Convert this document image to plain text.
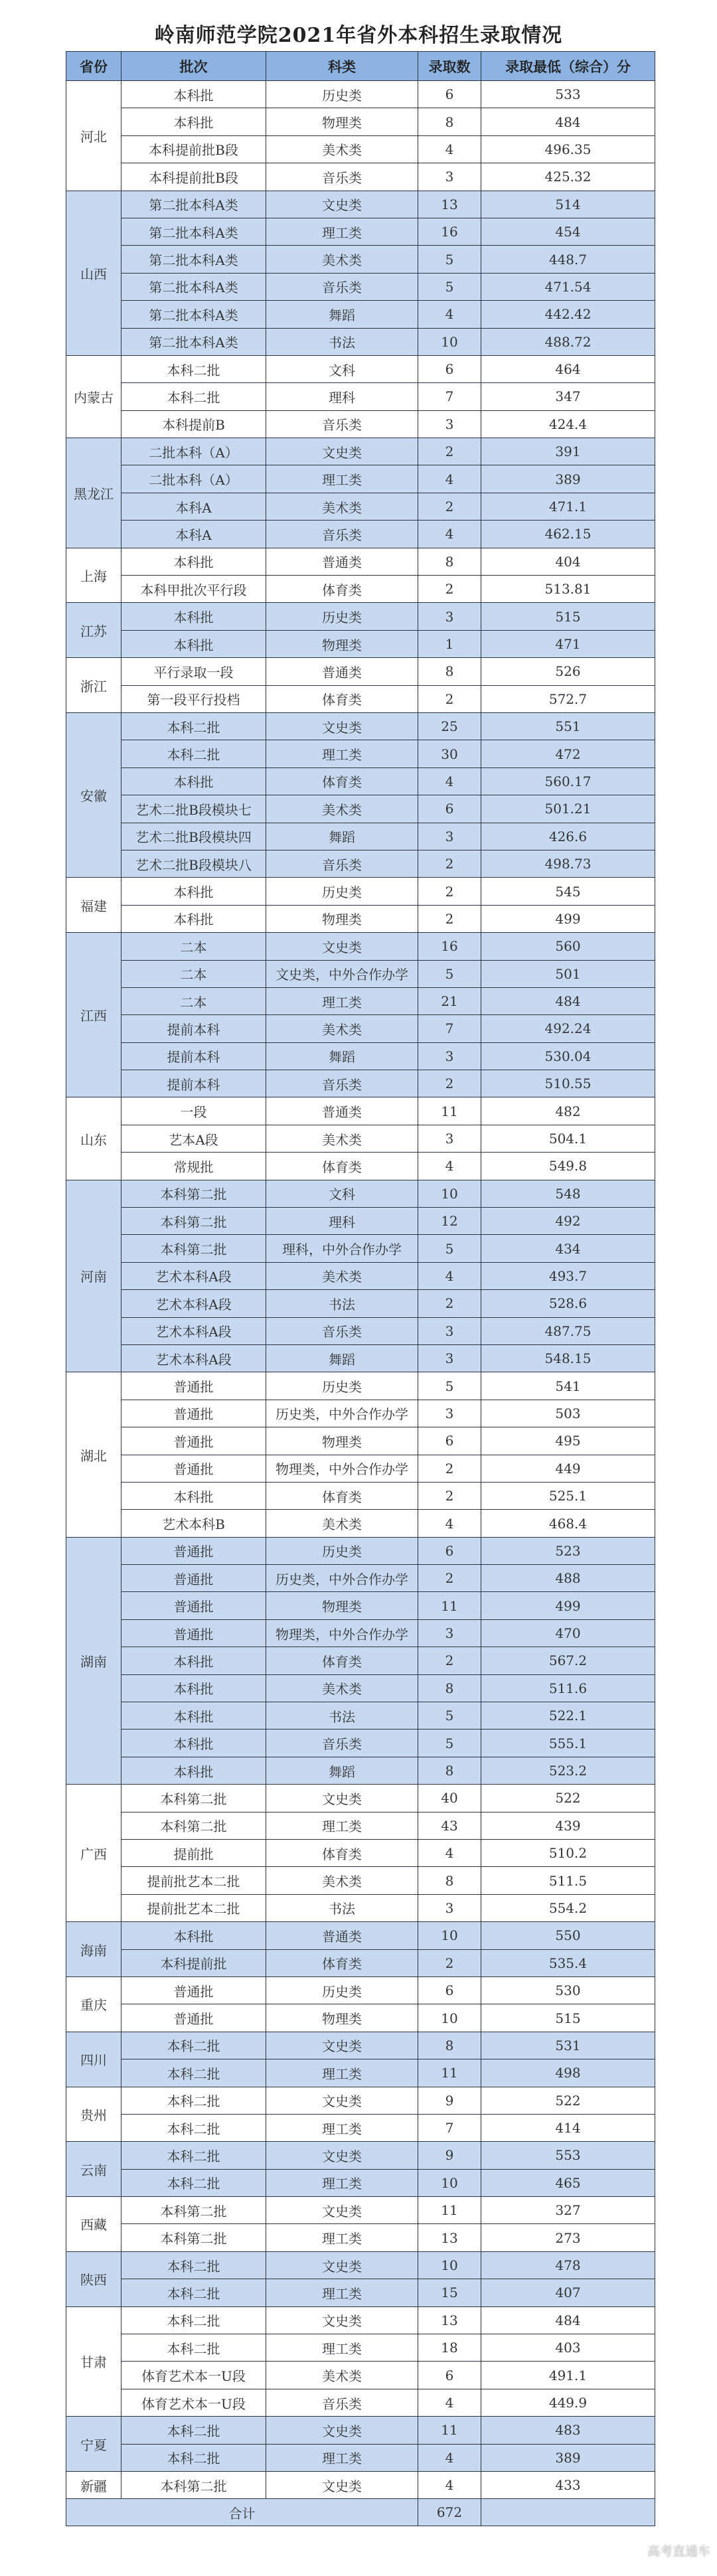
岭南师范学院2021年省外本科招生录取情况
省份	批次	科类	录取数	录取最低（综合）分
河北	本科批	历史类	6	533
	本科批	物理类	8	484
	本科提前批B段	美术类	4	496.35
	本科提前批B段	音乐类	3	425.32
山西	第二批本科A类	文史类	13	514
	第二批本科A类	理工类	16	454
	第二批本科A类	美术类	5	448.7
	第二批本科A类	音乐类	5	471.54
	第二批本科A类	舞蹈	4	442.42
	第二批本科A类	书法	10	488.72
内蒙古	本科二批	文科	6	464
	本科二批	理科	7	347
	本科提前B	音乐类	3	424.4
黑龙江	二批本科（A）	文史类	2	391
	二批本科（A）	理工类	4	389
	本科A	美术类	2	471.1
	本科A	音乐类	4	462.15
上海	本科批	普通类	8	404
	本科甲批次平行段	体育类	2	513.81
江苏	本科批	历史类	3	515
	本科批	物理类	1	471
浙江	平行录取一段	普通类	8	526
	第一段平行投档	体育类	2	572.7
安徽	本科二批	文史类	25	551
	本科二批	理工类	30	472
	本科批	体育类	4	560.17
	艺术二批B段模块七	美术类	6	501.21
	艺术二批B段模块四	舞蹈	3	426.6
	艺术二批B段模块八	音乐类	2	498.73
福建	本科批	历史类	2	545
	本科批	物理类	2	499
江西	二本	文史类	16	560
	二本	文史类，中外合作办学	5	501
	二本	理工类	21	484
	提前本科	美术类	7	492.24
	提前本科	舞蹈	3	530.04
	提前本科	音乐类	2	510.55
山东	一段	普通类	11	482
	艺本A段	美术类	3	504.1
	常规批	体育类	4	549.8
河南	本科第二批	文科	10	548
	本科第二批	理科	12	492
	本科第二批	理科，中外合作办学	5	434
	艺术本科A段	美术类	4	493.7
	艺术本科A段	书法	2	528.6
	艺术本科A段	音乐类	3	487.75
	艺术本科A段	舞蹈	3	548.15
湖北	普通批	历史类	5	541
	普通批	历史类，中外合作办学	3	503
	普通批	物理类	6	495
	普通批	物理类，中外合作办学	2	449
	本科批	体育类	2	525.1
	艺术本科B	美术类	4	468.4
湖南	普通批	历史类	6	523
	普通批	历史类，中外合作办学	2	488
	普通批	物理类	11	499
	普通批	物理类，中外合作办学	3	470
	本科批	体育类	2	567.2
	本科批	美术类	8	511.6
	本科批	书法	5	522.1
	本科批	音乐类	5	555.1
	本科批	舞蹈	8	523.2
广西	本科第二批	文史类	40	522
	本科第二批	理工类	43	439
	提前批	体育类	4	510.2
	提前批艺本二批	美术类	8	511.5
	提前批艺本二批	书法	3	554.2
海南	本科批	普通类	10	550
	本科提前批	体育类	2	535.4
重庆	普通批	历史类	6	530
	普通批	物理类	10	515
四川	本科二批	文史类	8	531
	本科二批	理工类	11	498
贵州	本科二批	文史类	9	522
	本科二批	理工类	7	414
云南	本科二批	文史类	9	553
	本科二批	理工类	10	465
西藏	本科第二批	文史类	11	327
	本科第二批	理工类	13	273
陕西	本科二批	文史类	10	478
	本科二批	理工类	15	407
甘肃	本科二批	文史类	13	484
	本科二批	理工类	18	403
	体育艺术本一U段	美术类	6	491.1
	体育艺术本一U段	音乐类	4	449.9
宁夏	本科二批	文史类	11	483
	本科二批	理工类	4	389
新疆	本科第二批	文史类	4	433
合计			672	
高考直通车
